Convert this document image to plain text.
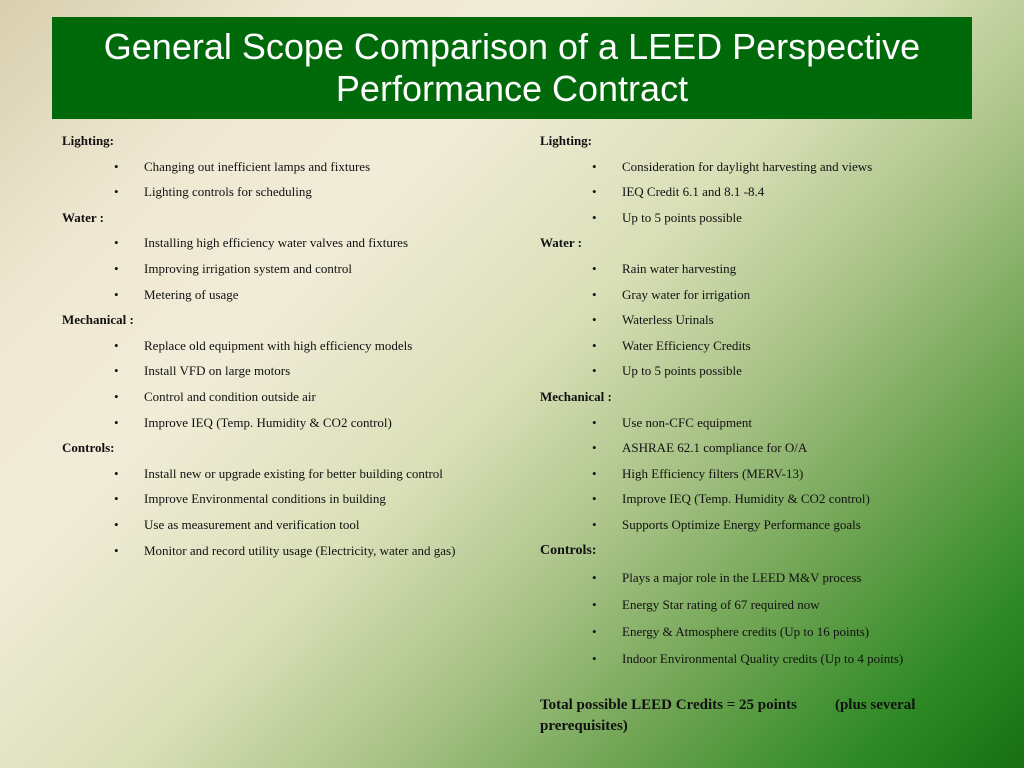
General Scope Comparison of a LEED Perspective Performance Contract

Lighting:

• Changing out inefficient lamps and fixtures
• Lighting controls for scheduling

Water :

• Installing high efficiency water valves and fixtures
• Improving irrigation system and control
• Metering of usage

Mechanical :

• Replace old equipment with high efficiency models
• Install VFD on large motors
• Control and condition outside air
• Improve IEQ (Temp. Humidity & CO2 control)

Controls:

• Install new or upgrade existing for better building control
• Improve Environmental conditions in building
• Use as measurement and verification tool
• Monitor and record utility usage (Electricity, water and gas)

Lighting:

• Consideration for daylight harvesting and views
• IEQ Credit 6.1 and 8.1 -8.4
• Up to 5 points possible

Water :

• Rain water harvesting
• Gray water for irrigation
• Waterless Urinals
• Water Efficiency Credits
• Up to 5 points possible

Mechanical :

• Use non-CFC equipment
• ASHRAE 62.1 compliance for O/A
• High Efficiency filters (MERV-13)
• Improve IEQ (Temp. Humidity & CO2 control)
• Supports Optimize Energy Performance goals

Controls:

• Plays a major role in the LEED M&V process
• Energy Star rating of 67 required now
• Energy & Atmosphere credits (Up to 16 points)
• Indoor Environmental Quality credits (Up to 4 points)

Total possible LEED Credits = 25 points	(plus several prerequisites)
